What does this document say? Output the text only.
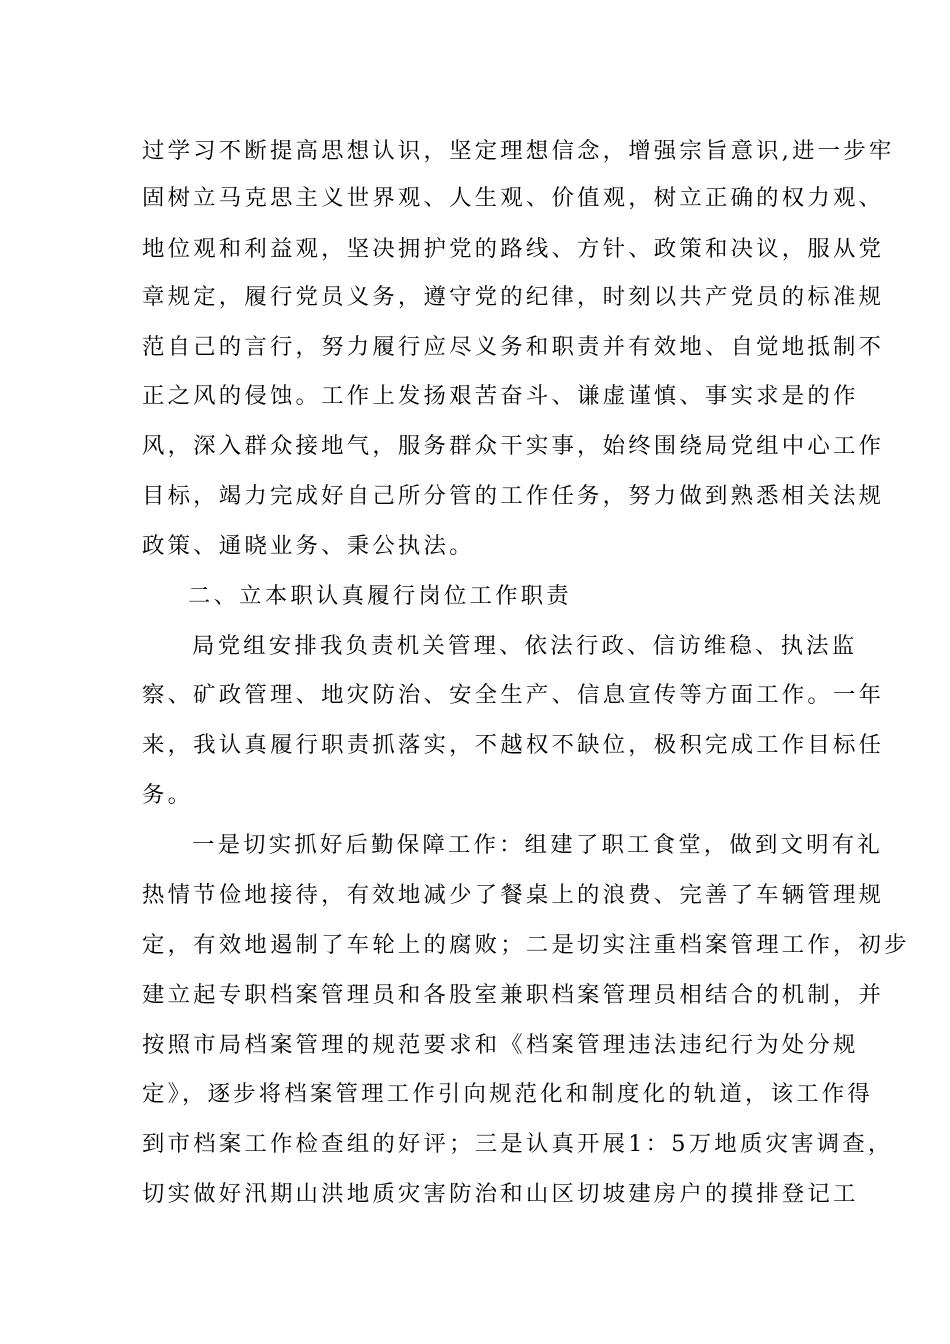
过学习不断提高思想认识，坚定理想信念，增强宗旨意识,进一步牢
固树立马克思主义世界观、人生观、价值观，树立正确的权力观、
地位观和利益观，坚决拥护党的路线、方针、政策和决议，服从党
章规定，履行党员义务，遵守党的纪律，时刻以共产党员的标准规
范自己的言行，努力履行应尽义务和职责并有效地、自觉地抵制不
正之风的侵蚀。工作上发扬艰苦奋斗、谦虚谨慎、事实求是的作
风，深入群众接地气，服务群众干实事，始终围绕局党组中心工作
目标，竭力完成好自己所分管的工作任务，努力做到熟悉相关法规
政策、通晓业务、秉公执法。
二、立本职认真履行岗位工作职责
局党组安排我负责机关管理、依法行政、信访维稳、执法监
察、矿政管理、地灾防治、安全生产、信息宣传等方面工作。一年
来，我认真履行职责抓落实，不越权不缺位，极积完成工作目标任
务。
一是切实抓好后勤保障工作：组建了职工食堂，做到文明有礼
热情节俭地接待，有效地减少了餐桌上的浪费、完善了车辆管理规
定，有效地遏制了车轮上的腐败；二是切实注重档案管理工作，初步
建立起专职档案管理员和各股室兼职档案管理员相结合的机制，并
按照市局档案管理的规范要求和《档案管理违法违纪行为处分规
定》，逐步将档案管理工作引向规范化和制度化的轨道，该工作得
到市档案工作检查组的好评；三是认真开展1：5万地质灾害调查，
切实做好汛期山洪地质灾害防治和山区切坡建房户的摸排登记工
